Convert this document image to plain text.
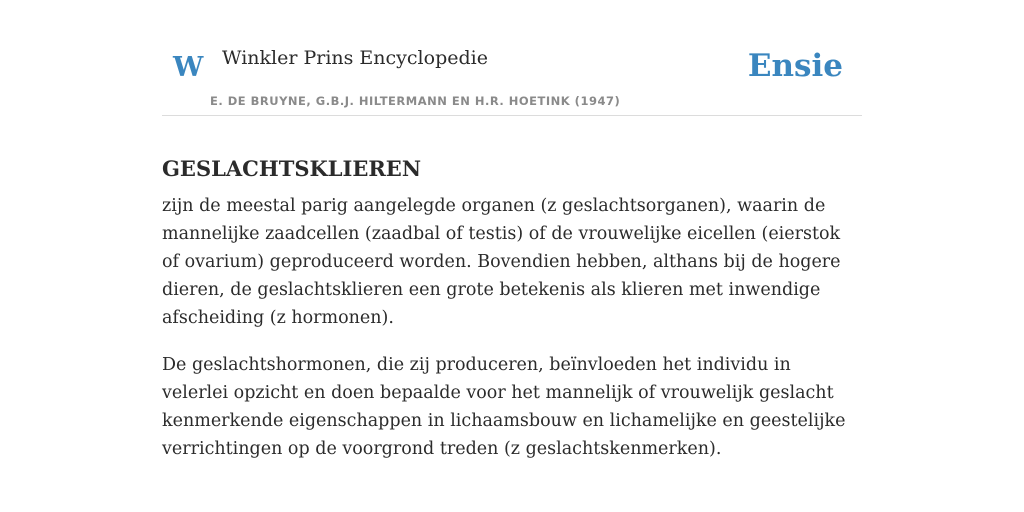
W Winkler Prins Encyclopedie	Ensie
E. DE BRUYNE, G.B.J. HILTERMANN EN H.R. HOETINK (1947)
GESLACHTSKLIEREN

zijn de meestal parig aangelegde organen (z geslachtsorganen), waarin de mannelijke zaadcellen (zaadbal of testis) of de vrouwelijke eicellen (eierstok of ovarium) geproduceerd worden. Bovendien hebben, althans bij de hogere dieren, de geslachtsklieren een grote betekenis als klieren met inwendige afscheiding (z hormonen).

De geslachtshormonen, die zij produceren, beïnvloeden het individu in velerlei opzicht en doen bepaalde voor het mannelijk of vrouwelijk geslacht kenmerkende eigenschappen in lichaamsbouw en lichamelijke en geestelijke verrichtingen op de voorgrond treden (z geslachtskenmerken).
